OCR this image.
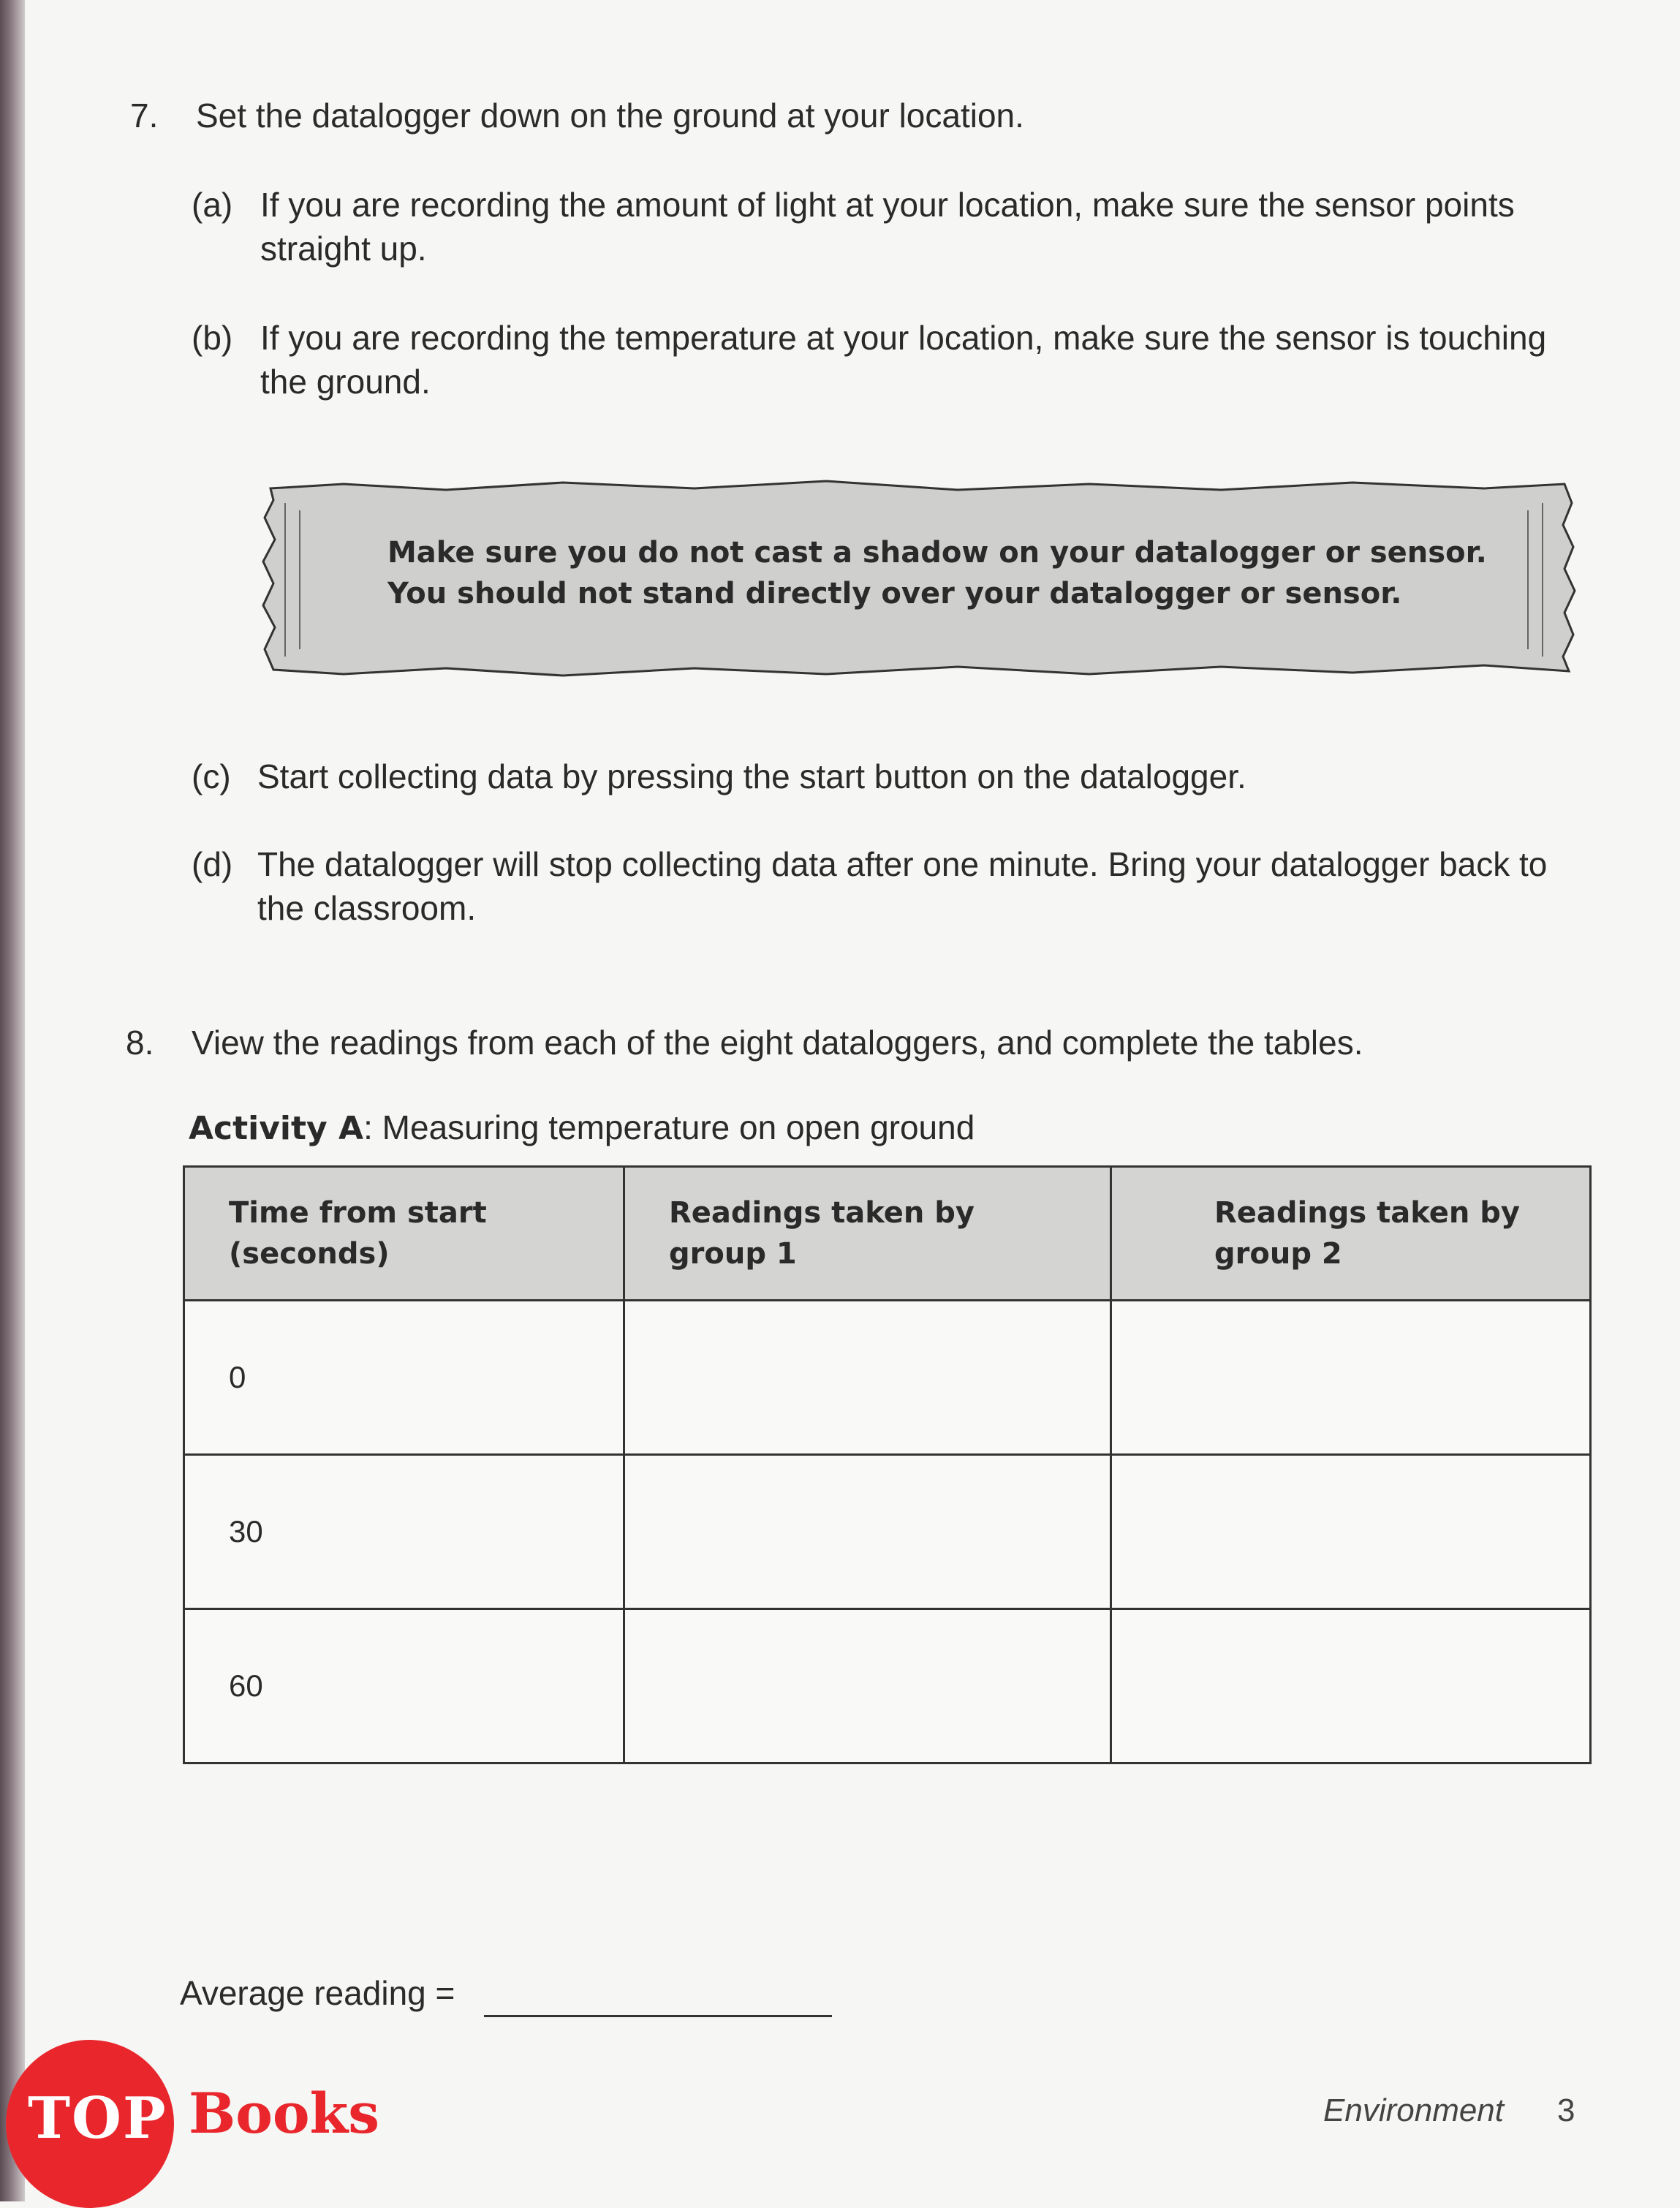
7. Set the datalogger down on the ground at your location.
(a) If you are recording the amount of light at your location, make sure the sensor points straight up.
(b) If you are recording the temperature at your location, make sure the sensor is touching the ground.
Make sure you do not cast a shadow on your datalogger or sensor.
You should not stand directly over your datalogger or sensor.
(c) Start collecting data by pressing the start button on the datalogger.
(d) The datalogger will stop collecting data after one minute. Bring your datalogger back to the classroom.
8. View the readings from each of the eight dataloggers, and complete the tables.
Activity A: Measuring temperature on open ground
Time from start (seconds)	Readings taken by group 1	Readings taken by group 2
0		
30		
60		
Average reading =
TOP Books	Environment 3
